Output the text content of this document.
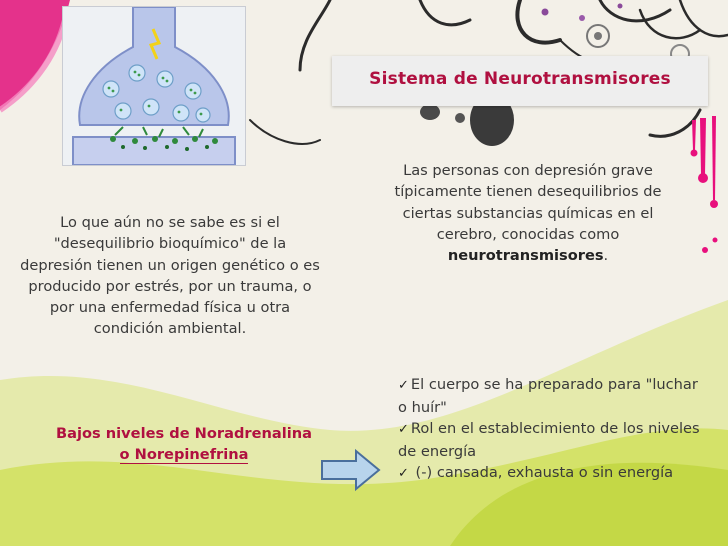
Sistema de Neurotransmisores
Lo que aún no se sabe es si el "desequilibrio bioquímico" de la depresión tienen un origen genético o es producido por estrés, por un trauma, o por una enfermedad física u otra condición ambiental.
Bajos niveles de Noradrenalina
o Norepinefrina
Las personas con depresión grave típicamente tienen desequilibrios de ciertas substancias químicas en el cerebro, conocidas como neurotransmisores.
✓ El cuerpo se ha preparado para "luchar o huír"
✓ Rol en el establecimiento de los niveles de energía
✓ (-) cansada, exhausta o sin energía
